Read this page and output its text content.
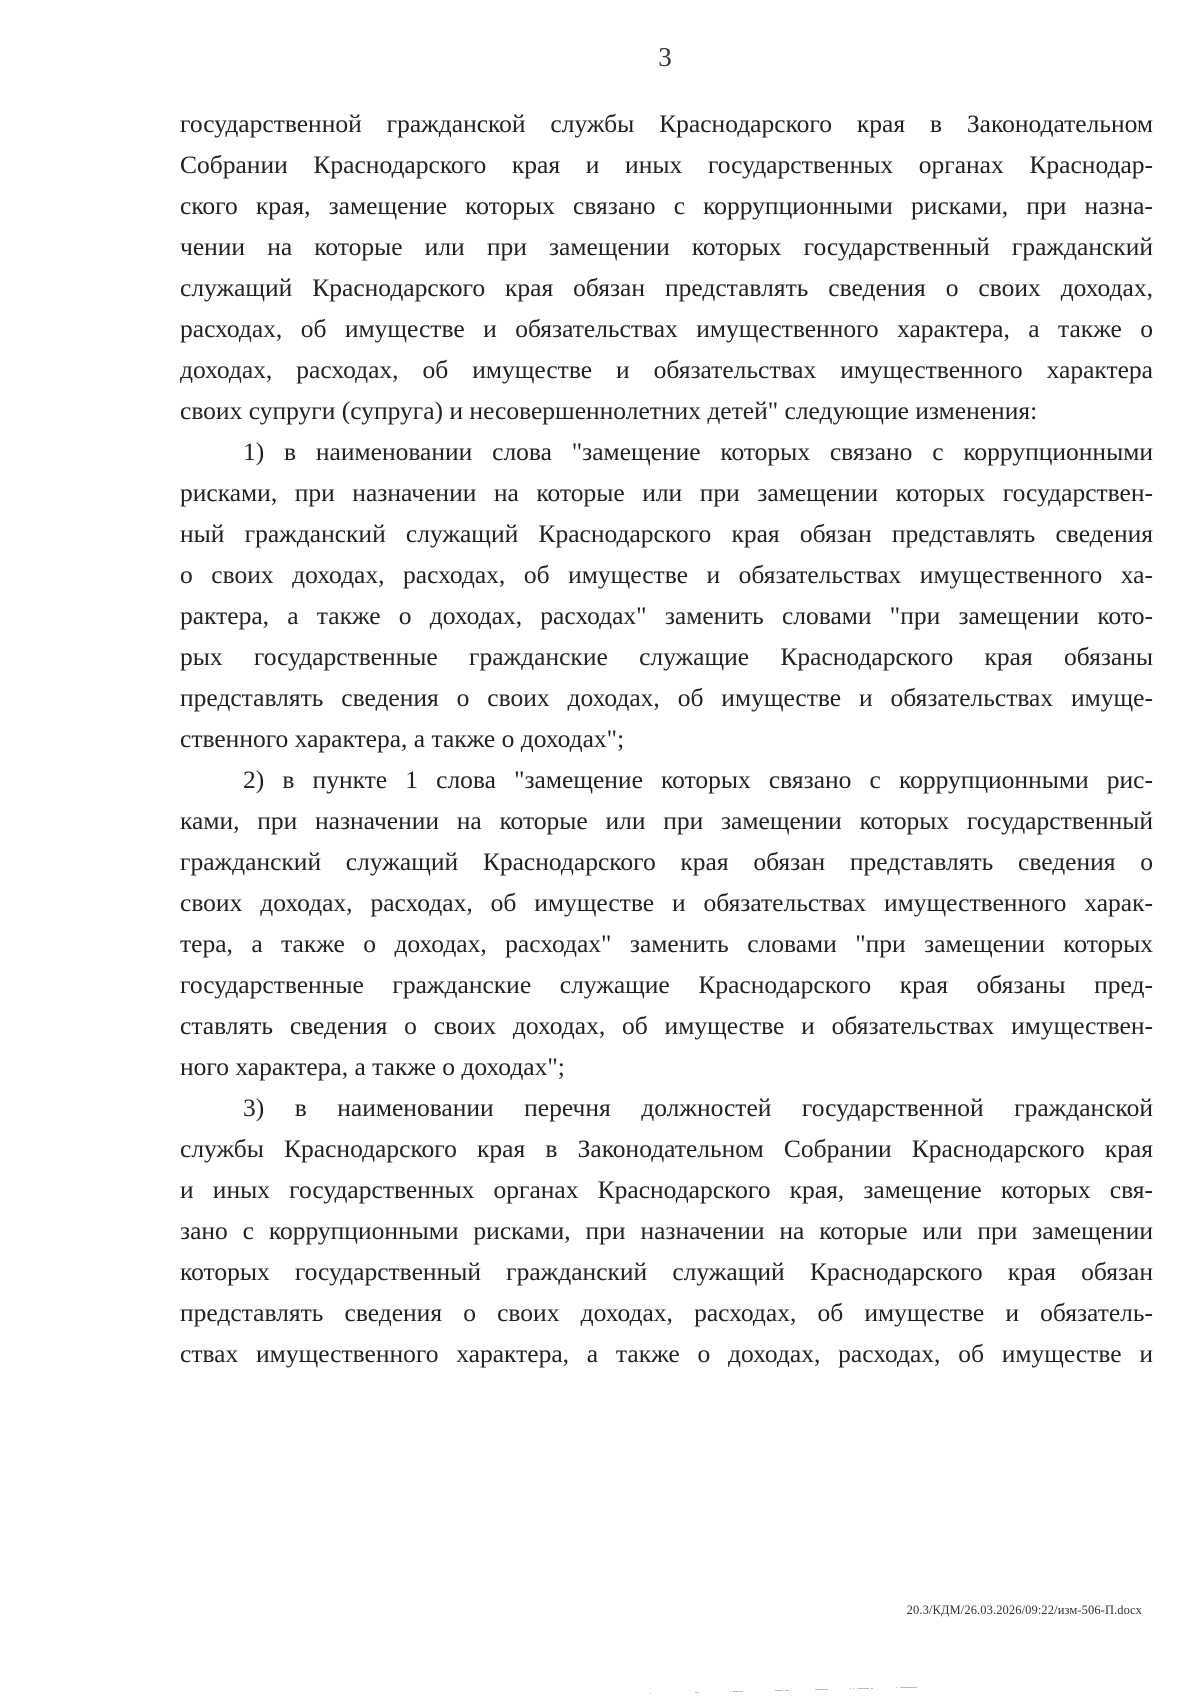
3
государственной гражданской службы Краснодарского края в Законодательном
Собрании Краснодарского края и иных государственных органах Краснодар-
ского края, замещение которых связано с коррупционными рисками, при назна-
чении на которые или при замещении которых государственный гражданский
служащий Краснодарского края обязан представлять сведения о своих доходах,
расходах, об имуществе и обязательствах имущественного характера, а также о
доходах, расходах, об имуществе и обязательствах имущественного характера
своих супруги (супруга) и несовершеннолетних детей" следующие изменения:
1) в наименовании слова "замещение которых связано с коррупционными
рисками, при назначении на которые или при замещении которых государствен-
ный гражданский служащий Краснодарского края обязан представлять сведения
о своих доходах, расходах, об имуществе и обязательствах имущественного ха-
рактера, а также о доходах, расходах" заменить словами "при замещении кото-
рых государственные гражданские служащие Краснодарского края обязаны
представлять сведения о своих доходах, об имуществе и обязательствах имуще-
ственного характера, а также о доходах";
2) в пункте 1 слова "замещение которых связано с коррупционными рис-
ками, при назначении на которые или при замещении которых государственный
гражданский служащий Краснодарского края обязан представлять сведения о
своих доходах, расходах, об имуществе и обязательствах имущественного харак-
тера, а также о доходах, расходах" заменить словами "при замещении которых
государственные гражданские служащие Краснодарского края обязаны пред-
ставлять сведения о своих доходах, об имуществе и обязательствах имуществен-
ного характера, а также о доходах";
3) в наименовании перечня должностей государственной гражданской
службы Краснодарского края в Законодательном Собрании Краснодарского края
и иных государственных органах Краснодарского края, замещение которых свя-
зано с коррупционными рисками, при назначении на которые или при замещении
которых государственный гражданский служащий Краснодарского края обязан
представлять сведения о своих доходах, расходах, об имуществе и обязатель-
ствах имущественного характера, а также о доходах, расходах, об имуществе и
20.3/КДМ/26.03.2026/09:22/изм-506-П.docx
